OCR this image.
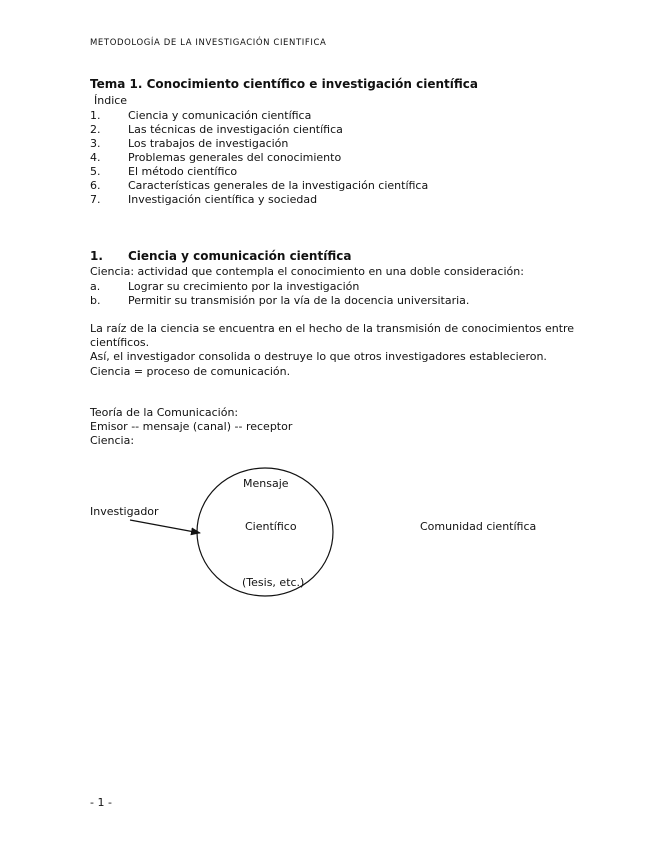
METODOLOGÍA DE LA INVESTIGACIÓN CIENTIFICA
Tema 1. Conocimiento científico e investigación científica
Índice
1.	Ciencia y comunicación científica
2.	Las técnicas de investigación científica
3.	Los trabajos de investigación
4.	Problemas generales del conocimiento
5.	El método científico
6.	Características generales de la investigación científica
7.	Investigación científica y sociedad
1. Ciencia y comunicación científica
Ciencia: actividad que contempla el conocimiento en una doble consideración:
a.	Lograr su crecimiento por la investigación
b.	Permitir su transmisión por la vía de la docencia universitaria.
La raíz de la ciencia se encuentra en el hecho de la transmisión de conocimientos entre
científicos.
Así, el investigador consolida o destruye lo que otros investigadores establecieron.
Ciencia = proceso de comunicación.
Teoría de la Comunicación:
Emisor -- mensaje (canal) -- receptor
Ciencia:
Investigador
Mensaje
Científico
(Tesis, etc.)
Comunidad científica
- 1 -
